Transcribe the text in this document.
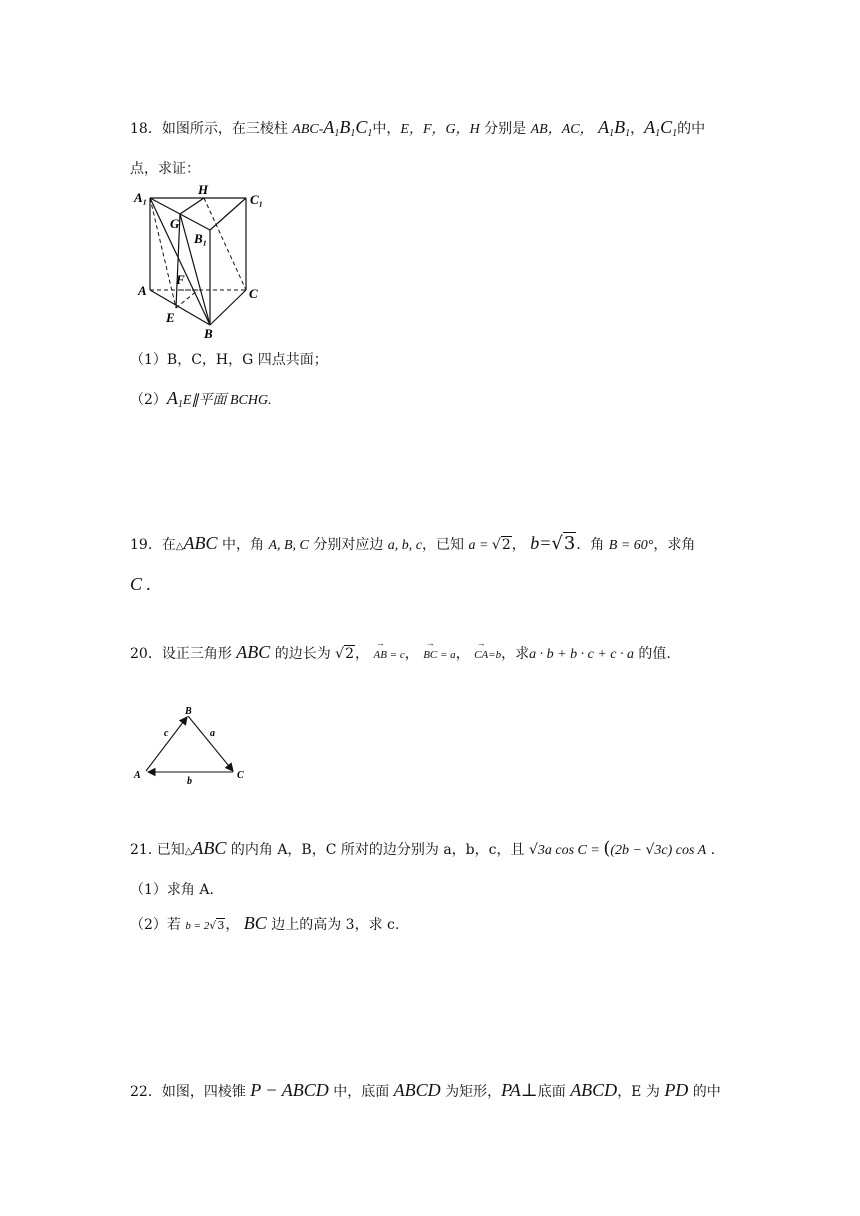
18．如图所示，在三棱柱 ABC-$A_1B_1C_1$中，E，F，G，H 分别是 AB，AC， $A_1B_1$，$A_1C_1$的中
点，求证：
A₁
H
C₁
G
B₁
A
F
C
E
B
（1）B，C，H，G 四点共面；
$(2)A_1E\parallel$平面 BCHG.
19．在△ABC 中，角 A, B, C 分别对应边 a, b, c，已知 a = √2， b=√3．角 B = 60°，求角
C .
20．设正三角形 ABC 的边长为 √2， → AB = c， → BC = a， → CA=b，求a · b + b · c + c · a 的值.
B
c	a
A
b
C
21. 已知△ABC 的内角 A，B，C 所对的边分别为 a，b，c，且 √3a cos C = ((2b − √3c) cos A .
（1）求角 A.
（2）若 b = 2√3， BC 边上的高为 3，求 c.
22．如图，四棱锥 P − ABCD 中，底面 ABCD 为矩形，PA⊥底面 ABCD，E 为 PD 的中
